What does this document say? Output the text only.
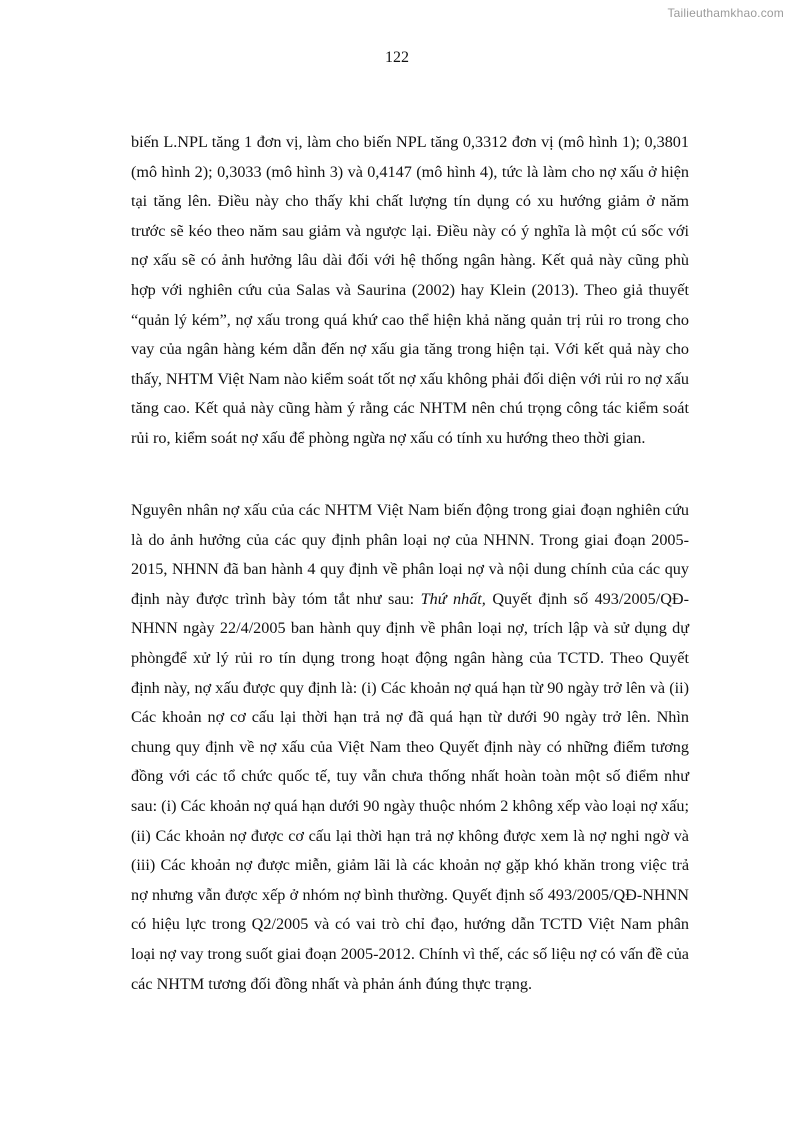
Tailieuthamkhao.com
122

biến L.NPL tăng 1 đơn vị, làm cho biến NPL tăng 0,3312 đơn vị (mô hình 1); 0,3801 (mô hình 2); 0,3033 (mô hình 3) và 0,4147 (mô hình 4), tức là làm cho nợ xấu ở hiện tại tăng lên. Điều này cho thấy khi chất lượng tín dụng có xu hướng giảm ở năm trước sẽ kéo theo năm sau giảm và ngược lại. Điều này có ý nghĩa là một cú sốc với nợ xấu sẽ có ảnh hưởng lâu dài đối với hệ thống ngân hàng. Kết quả này cũng phù hợp với nghiên cứu của Salas và Saurina (2002) hay Klein (2013). Theo giả thuyết “quản lý kém”, nợ xấu trong quá khứ cao thể hiện khả năng quản trị rủi ro trong cho vay của ngân hàng kém dẫn đến nợ xấu gia tăng trong hiện tại. Với kết quả này cho thấy, NHTM Việt Nam nào kiểm soát tốt nợ xấu không phải đối diện với rủi ro nợ xấu tăng cao. Kết quả này cũng hàm ý rằng các NHTM nên chú trọng công tác kiểm soát rủi ro, kiểm soát nợ xấu để phòng ngừa nợ xấu có tính xu hướng theo thời gian.

Nguyên nhân nợ xấu của các NHTM Việt Nam biến động trong giai đoạn nghiên cứu là do ảnh hưởng của các quy định phân loại nợ của NHNN. Trong giai đoạn 2005-2015, NHNN đã ban hành 4 quy định về phân loại nợ và nội dung chính của các quy định này được trình bày tóm tắt như sau: Thứ nhất, Quyết định số 493/2005/QĐ-NHNN ngày 22/4/2005 ban hành quy định về phân loại nợ, trích lập và sử dụng dự phòngđể xử lý rủi ro tín dụng trong hoạt động ngân hàng của TCTD. Theo Quyết định này, nợ xấu được quy định là: (i) Các khoản nợ quá hạn từ 90 ngày trở lên và (ii) Các khoản nợ cơ cấu lại thời hạn trả nợ đã quá hạn từ dưới 90 ngày trở lên. Nhìn chung quy định về nợ xấu của Việt Nam theo Quyết định này có những điểm tương đồng với các tổ chức quốc tế, tuy vẫn chưa thống nhất hoàn toàn một số điểm như sau: (i) Các khoản nợ quá hạn dưới 90 ngày thuộc nhóm 2 không xếp vào loại nợ xấu; (ii) Các khoản nợ được cơ cấu lại thời hạn trả nợ không được xem là nợ nghi ngờ và (iii) Các khoản nợ được miễn, giảm lãi là các khoản nợ gặp khó khăn trong việc trả nợ nhưng vẫn được xếp ở nhóm nợ bình thường. Quyết định số 493/2005/QĐ-NHNN có hiệu lực trong Q2/2005 và có vai trò chỉ đạo, hướng dẫn TCTD Việt Nam phân loại nợ vay trong suốt giai đoạn 2005-2012. Chính vì thế, các số liệu nợ có vấn đề của các NHTM tương đối đồng nhất và phản ánh đúng thực trạng.
